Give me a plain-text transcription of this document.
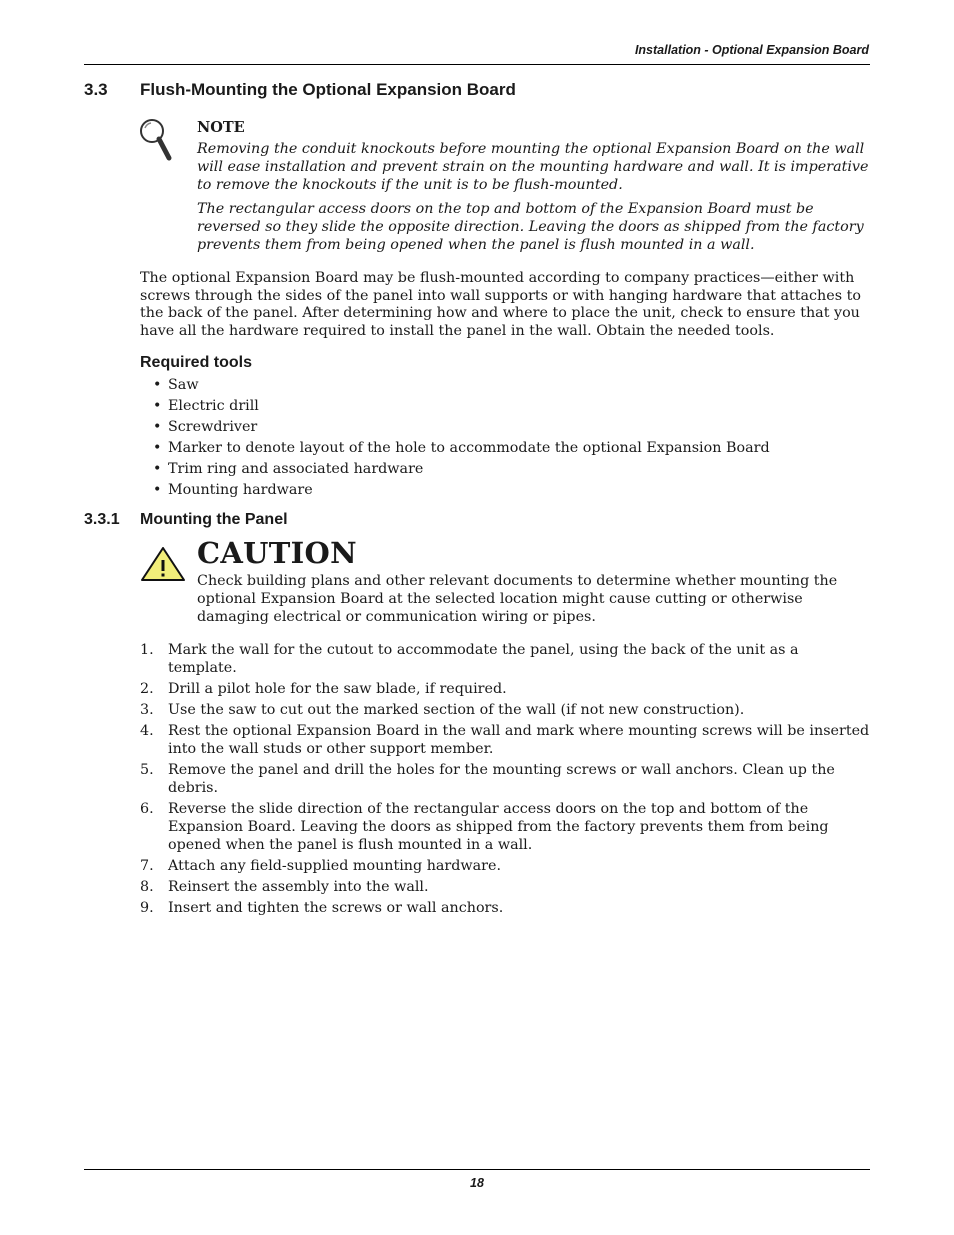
Installation - Optional Expansion Board
3.3 Flush-Mounting the Optional Expansion Board
NOTE

Removing the conduit knockouts before mounting the optional Expansion Board on the wall will ease installation and prevent strain on the mounting hardware and wall. It is imperative to remove the knockouts if the unit is to be flush-mounted.

The rectangular access doors on the top and bottom of the Expansion Board must be reversed so they slide the opposite direction. Leaving the doors as shipped from the factory prevents them from being opened when the panel is flush mounted in a wall.

The optional Expansion Board may be flush-mounted according to company practices—either with screws through the sides of the panel into wall supports or with hanging hardware that attaches to the back of the panel. After determining how and where to place the unit, check to ensure that you have all the hardware required to install the panel in the wall. Obtain the needed tools.

Required tools
• Saw
• Electric drill
• Screwdriver
• Marker to denote layout of the hole to accommodate the optional Expansion Board
• Trim ring and associated hardware
• Mounting hardware
3.3.1 Mounting the Panel
CAUTION

Check building plans and other relevant documents to determine whether mounting the optional Expansion Board at the selected location might cause cutting or otherwise damaging electrical or communication wiring or pipes.

1. Mark the wall for the cutout to accommodate the panel, using the back of the unit as a template.
2. Drill a pilot hole for the saw blade, if required.
3. Use the saw to cut out the marked section of the wall (if not new construction).
4. Rest the optional Expansion Board in the wall and mark where mounting screws will be inserted into the wall studs or other support member.
5. Remove the panel and drill the holes for the mounting screws or wall anchors. Clean up the debris.
6. Reverse the slide direction of the rectangular access doors on the top and bottom of the Expansion Board. Leaving the doors as shipped from the factory prevents them from being opened when the panel is flush mounted in a wall.
7. Attach any field-supplied mounting hardware.
8. Reinsert the assembly into the wall.
9. Insert and tighten the screws or wall anchors.
18
